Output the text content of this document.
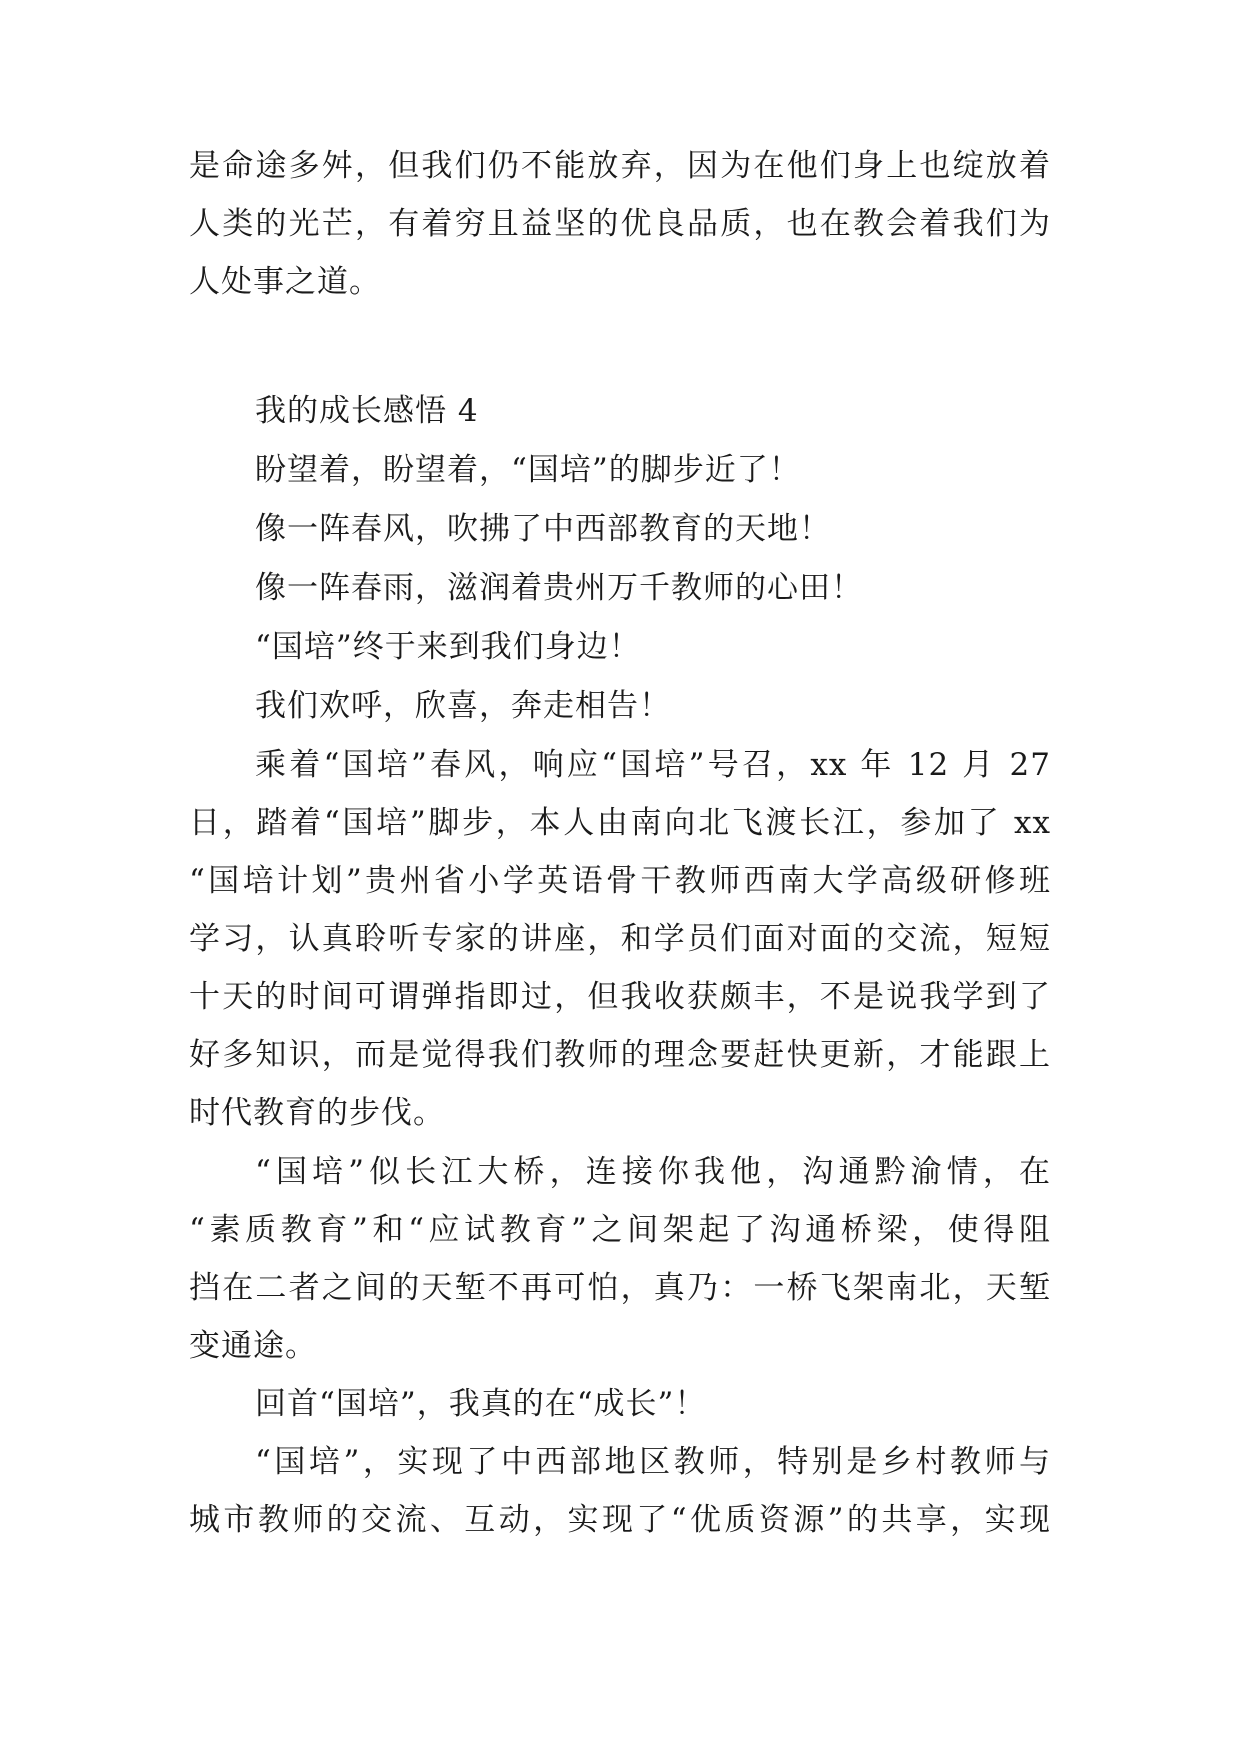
是命途多舛，但我们仍不能放弃，因为在他们身上也绽放着
人类的光芒，有着穷且益坚的优良品质，也在教会着我们为
人处事之道。
我的成长感悟 4
盼望着，盼望着，“国培”的脚步近了！
像一阵春风，吹拂了中西部教育的天地！
像一阵春雨，滋润着贵州万千教师的心田！
“国培”终于来到我们身边！
我们欢呼，欣喜，奔走相告！
乘着“国培”春风，响应“国培”号召，xx 年 12 月 27
日，踏着“国培”脚步，本人由南向北飞渡长江，参加了 xx
“国培计划”贵州省小学英语骨干教师西南大学高级研修班
学习，认真聆听专家的讲座，和学员们面对面的交流，短短
十天的时间可谓弹指即过，但我收获颇丰，不是说我学到了
好多知识，而是觉得我们教师的理念要赶快更新，才能跟上
时代教育的步伐。
“国培”似长江大桥，连接你我他，沟通黔渝情，在
“素质教育”和“应试教育”之间架起了沟通桥梁，使得阻
挡在二者之间的天堑不再可怕，真乃：一桥飞架南北，天堑
变通途。
回首“国培”，我真的在“成长”！
“国培”，实现了中西部地区教师，特别是乡村教师与
城市教师的交流、互动，实现了“优质资源”的共享，实现
